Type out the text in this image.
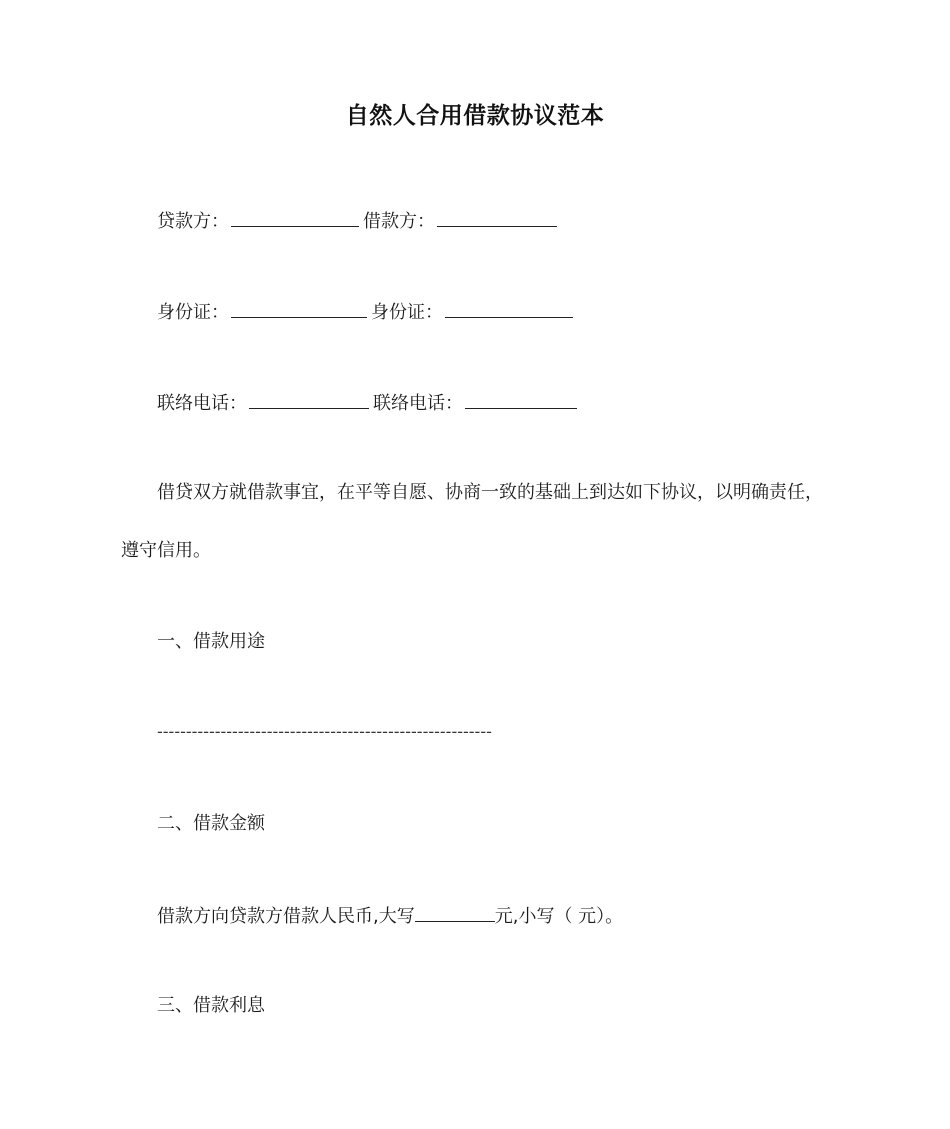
自然人合用借款协议范本
贷款方：	借款方：
身份证：	身份证：
联络电话：	联络电话：
借贷双方就借款事宜，在平等自愿、协商一致的基础上到达如下协议，以明确责任，
遵守信用。
一、借款用途
----------------------------------------------------------
二、借款金额
借款方向贷款方借款人民币,大写	元,小写（ 元）。
三、借款利息
